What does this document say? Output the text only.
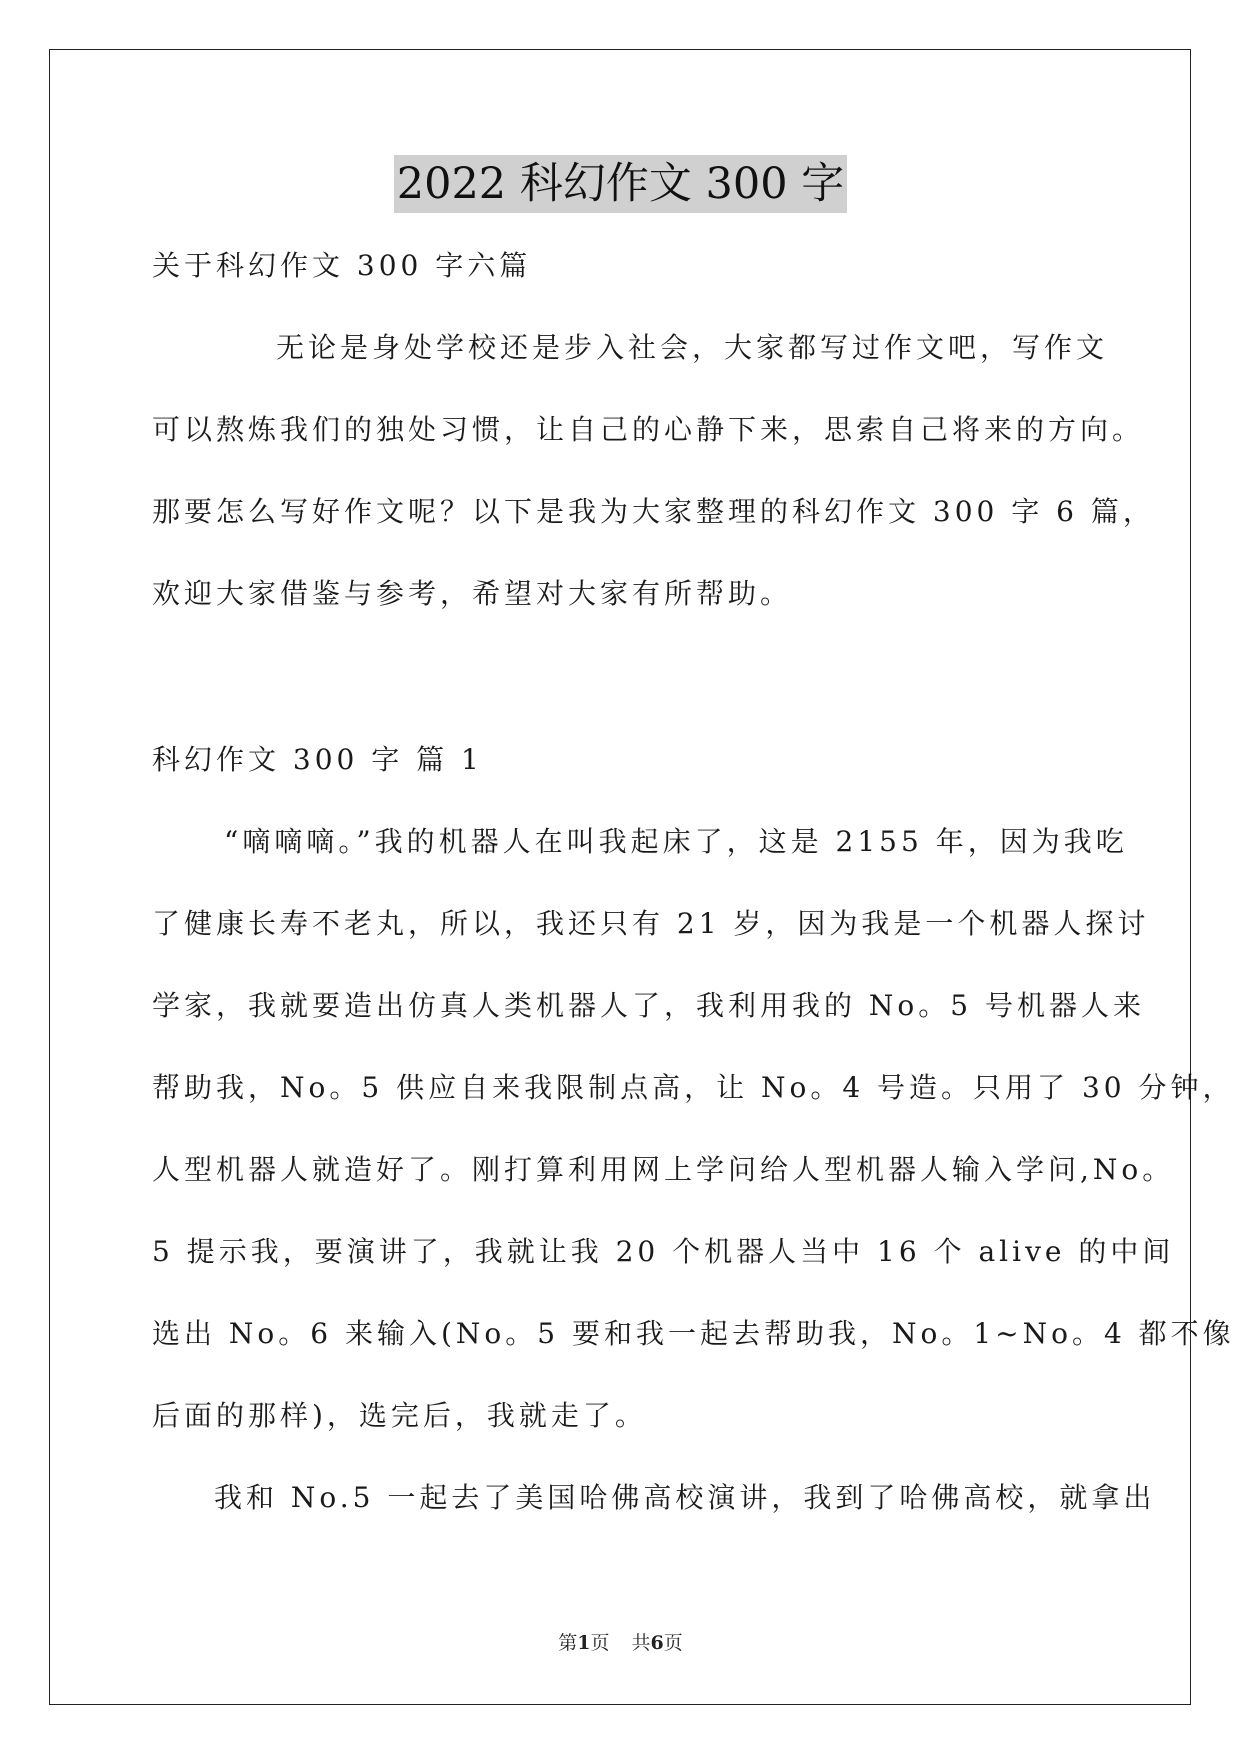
2022 科幻作文 300 字
关于科幻作文 300 字六篇
无论是身处学校还是步入社会，大家都写过作文吧，写作文
可以熬炼我们的独处习惯，让自己的心静下来，思索自己将来的方向。
那要怎么写好作文呢？以下是我为大家整理的科幻作文 300 字 6 篇，
欢迎大家借鉴与参考，希望对大家有所帮助。
科幻作文 300 字 篇 1
“嘀嘀嘀。”我的机器人在叫我起床了，这是 2155 年，因为我吃
了健康长寿不老丸，所以，我还只有 21 岁，因为我是一个机器人探讨
学家，我就要造出仿真人类机器人了，我利用我的 No。5 号机器人来
帮助我，No。5 供应自来我限制点高，让 No。4 号造。只用了 30 分钟，
人型机器人就造好了。刚打算利用网上学问给人型机器人输入学问,No。
5 提示我，要演讲了，我就让我 20 个机器人当中 16 个 alive 的中间
选出 No。6 来输入(No。5 要和我一起去帮助我，No。1~No。4 都不像
后面的那样)，选完后，我就走了。
我和 No.5 一起去了美国哈佛高校演讲，我到了哈佛高校，就拿出
第1页 共6页
